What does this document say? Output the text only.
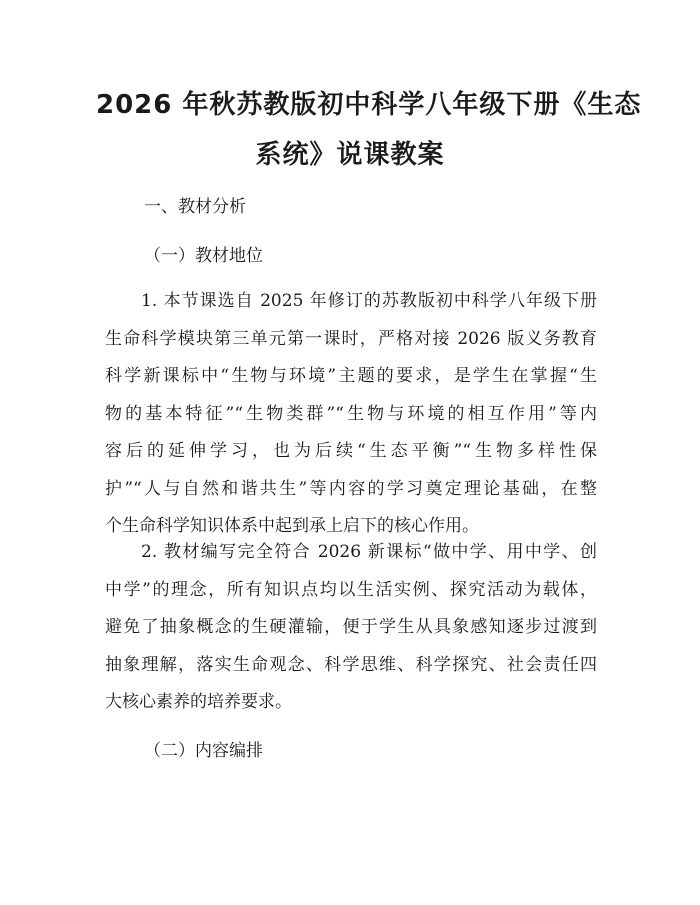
2026 年秋苏教版初中科学八年级下册《生态
系统》说课教案

一、教材分析

（一）教材地位

1. 本节课选自 2025 年修订的苏教版初中科学八年级下册
生命科学模块第三单元第一课时，严格对接 2026 版义务教育
科学新课标中“生物与环境”主题的要求，是学生在掌握“生
物的基本特征”“生物类群”“生物与环境的相互作用”等内
容后的延伸学习，也为后续“生态平衡”“生物多样性保
护”“人与自然和谐共生”等内容的学习奠定理论基础，在整
个生命科学知识体系中起到承上启下的核心作用。
2. 教材编写完全符合 2026 新课标“做中学、用中学、创
中学”的理念，所有知识点均以生活实例、探究活动为载体，
避免了抽象概念的生硬灌输，便于学生从具象感知逐步过渡到
抽象理解，落实生命观念、科学思维、科学探究、社会责任四
大核心素养的培养要求。

（二）内容编排
